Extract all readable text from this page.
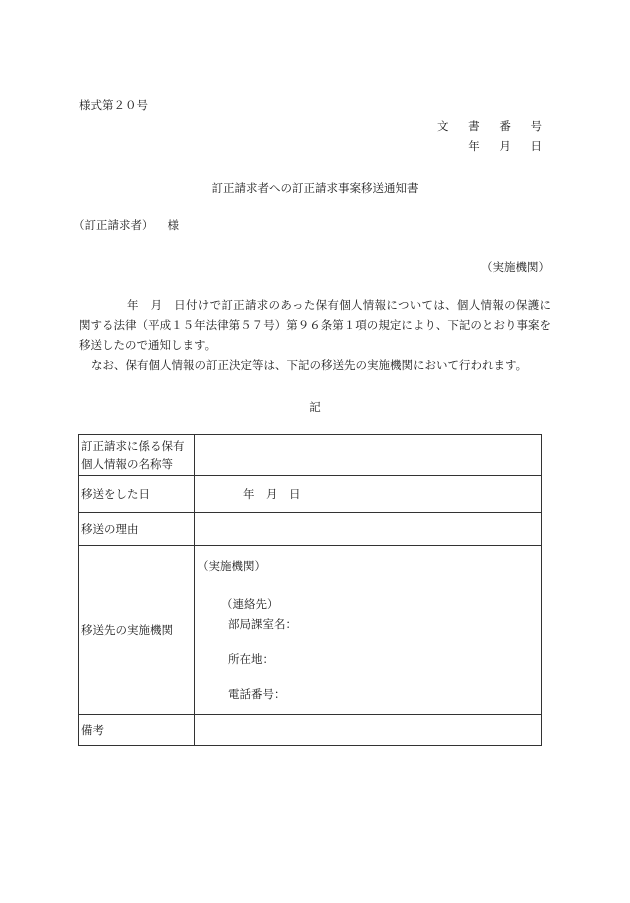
様式第２０号
文 書 番 号
年 月 日
訂正請求者への訂正請求事案移送通知書
（訂正請求者） 様
（実施機関）

年　月　日付けで訂正請求のあった保有個人情報については、個人情報の保護に関する法律（平成１５年法律第５７号）第９６条第１項の規定により、下記のとおり事案を移送したので通知します。

なお、保有個人情報の訂正決定等は、下記の移送先の実施機関において行われます。

記
訂正請求に係る保有個人情報の名称等	
移送をした日	年　月　日
移送の理由	
移送先の実施機関	（実施機関）
（連絡先）
部局課室名：
所在地：
電話番号：

備考	
